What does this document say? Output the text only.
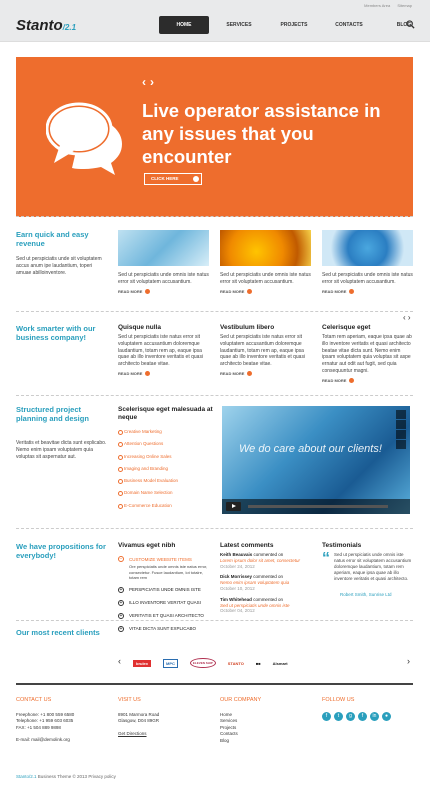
Stanto/2.1
Members Area Sitemap
HOME	SERVICES	PROJECTS	CONTACTS	BLOG
‹ ›
Live operator assistance in any issues that you encounter
CLICK HERE
Earn quick and easy revenue
Sed ut perspiciatis unde sit voluptatem accus anum ipe laudantium, toperi amuae abilloinventore.	Sed ut perspiciatis unde omnis iste natus error sit voluptatem accusantium.
READ MORE
Sed ut perspiciatis unde omnis iste natus error sit voluptatem accusantium.
READ MORE
Sed ut perspiciatis unde omnis iste natus error sit voluptatem accusantium.
READ MORE
‹ ›
Work smarter with our business company!
Quisque nulla
Sed ut perspiciatis iste natus error sit voluptatem accusantium doloremque laudantium, totam rem ap, eaque ipsa quae ab illo inventore veritatis et quasi architecto beatae vitae.
READ MORE
Vestibulum libero
Sed ut perspiciatis iste natus error sit voluptatem accusantium doloremque laudantium, totam rem ap, eaque ipsa quae ab illo inventore veritatis et quasi architecto beatae vitae.
READ MORE
Celerisque eget
Totam rem aperiam, eaque ipsa quae ab illo inventore veritatis et quasi architecto beatae vitae dicta sunt. Nemo enim ipsam voluptatem quia voluptas sit aspe ernatur aut odit aut fugit, sed quia consequuntur magni.
READ MORE
Structured project planning and design
Veritatis et beavitae dicta sunt explicabo. Nemo enim ipsam voluptatem quia voluptas sit aspernatur aut.
Scelerisque eget malesuada at neque
Creative Marketing
Attention Questions
Increasing Online Sales
Imaging and Branding
Business Model Evaluation
Domain Name Selection
E-Commerce Education
We do care about our clients!
We have propositions for everybody!
Vivamus eget nibh
−	CUSTOMIZE WEBSITE ITEMS
Ore perspiciatis unde omnis iste natus error, consectetur. Fusce laudantium, lot totalre, totam rem
+	PERSPICIATIS UNDE OMNIS ISTE
+	ILLO INVENTORE VERITAT QUASI
+	VERITATIS ET QUASI ARCHITECTO
+	VITAE DICTA SUNT EXPLICABO
Latest comments
Keith Beauvais commented on
Lorem ipsum dolor sit amet, consectetur
October 24, 2012
Dick Morrissey commented on
Nemo enim ipsam voluptatem quia
October 10, 2012
Tim Whitehead commented on
Sed ut perspiciatis unde omnis iste
October 04, 2012
Testimonials
“ Sed ut perspiciatis unde omnis iste natus error sit voluptatem accusantium doloremque laudantium, totam rem aperiam, eaque ipsa quae ab illo inventore veritatis et quasi architecto.
Robert Smith, Sunrise Ltd
Our most recent clients
‹	brulex	MPC	ELEVEN SHIP	STANTO	■■	Alsmart	›
CONTACT US
Freephone: +1 800 559 6580
Telephone: +1 959 603 6035
FAX: +1 504 889 9898
E-mail: mail@demolink.org
VISIT US
8901 Marmora Road
Glasgow, D04 89GR
Get Directions
OUR COMPANY
Home
Services
Projects
Contacts
Blog
FOLLOW US
f	t	g	f	in	●
Stanto/2.1 Business Theme © 2013 Privacy policy
